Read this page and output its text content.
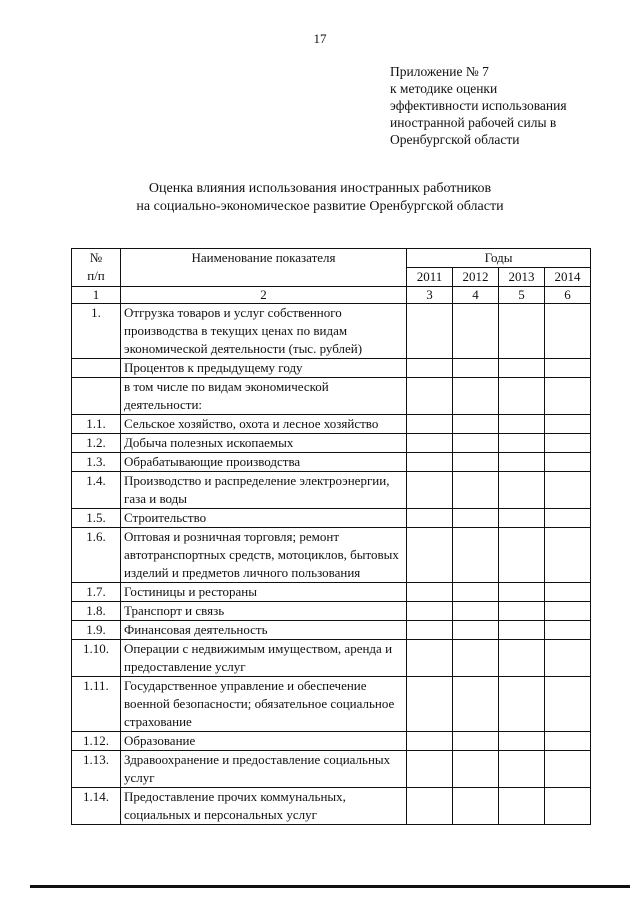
17
Приложение № 7
к методике оценки
эффективности использования
иностранной рабочей силы в
Оренбургской области
Оценка влияния использования иностранных работников
на социально-экономическое развитие Оренбургской области
№
п/п	Наименование показателя	Годы			
		2011	2012	2013	2014
1	2	3	4	5	6
1.	Отгрузка товаров и услуг собственного производства в текущих ценах по видам экономической деятельности (тыс. рублей)				
	Процентов к предыдущему году				
	в том числе по видам экономической деятельности:				
1.1.	Сельское хозяйство, охота и лесное хозяйство				
1.2.	Добыча полезных ископаемых				
1.3.	Обрабатывающие производства				
1.4.	Производство и распределение электроэнергии, газа и воды				
1.5.	Строительство				
1.6.	Оптовая и розничная торговля; ремонт автотранспортных средств, мотоциклов, бытовых изделий и предметов личного пользования				
1.7.	Гостиницы и рестораны				
1.8.	Транспорт и связь				
1.9.	Финансовая деятельность				
1.10.	Операции с недвижимым имуществом, аренда и предоставление услуг				
1.11.	Государственное управление и обеспечение военной безопасности; обязательное социальное страхование				
1.12.	Образование				
1.13.	Здравоохранение и предоставление социальных услуг				
1.14.	Предоставление прочих коммунальных, социальных и персональных услуг				
